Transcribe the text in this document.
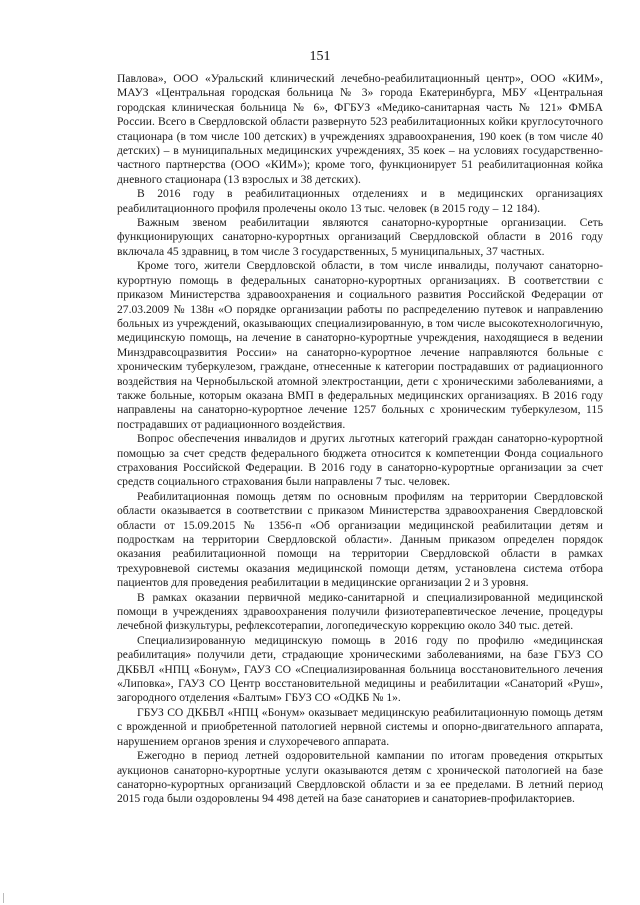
151

Павлова», ООО «Уральский клинический лечебно-реабилитационный центр», ООО «КИМ», МАУЗ «Центральная городская больница № 3» города Екатеринбурга, МБУ «Центральная городская клиническая больница № 6», ФГБУЗ «Медико-санитарная часть № 121» ФМБА России. Всего в Свердловской области развернуто 523 реабилитационных койки круглосуточного стационара (в том числе 100 детских) в учреждениях здравоохранения, 190 коек (в том числе 40 детских) – в муниципальных медицинских учреждениях, 35 коек – на условиях государственно-частного партнерства (ООО «КИМ»); кроме того, функционирует 51 реабилитационная койка дневного стационара (13 взрослых и 38 детских).

В 2016 году в реабилитационных отделениях и в медицинских организациях реабилитационного профиля пролечены около 13 тыс. человек (в 2015 году – 12 184).

Важным звеном реабилитации являются санаторно-курортные организации. Сеть функционирующих санаторно-курортных организаций Свердловской области в 2016 году включала 45 здравниц, в том числе 3 государственных, 5 муниципальных, 37 частных.

Кроме того, жители Свердловской области, в том числе инвалиды, получают санаторно-курортную помощь в федеральных санаторно-курортных организациях. В соответствии с приказом Министерства здравоохранения и социального развития Российской Федерации от 27.03.2009 № 138н «О порядке организации работы по распределению путевок и направлению больных из учреждений, оказывающих специализированную, в том числе высокотехнологичную, медицинскую помощь, на лечение в санаторно-курортные учреждения, находящиеся в ведении Минздравсоцразвития России» на санаторно-курортное лечение направляются больные с хроническим туберкулезом, граждане, отнесенные к категории пострадавших от радиационного воздействия на Чернобыльской атомной электростанции, дети с хроническими заболеваниями, а также больные, которым оказана ВМП в федеральных медицинских организациях. В 2016 году направлены на санаторно-курортное лечение 1257 больных с хроническим туберкулезом, 115 пострадавших от радиационного воздействия.

Вопрос обеспечения инвалидов и других льготных категорий граждан санаторно-курортной помощью за счет средств федерального бюджета относится к компетенции Фонда социального страхования Российской Федерации. В 2016 году в санаторно-курортные организации за счет средств социального страхования были направлены 7 тыс. человек.

Реабилитационная помощь детям по основным профилям на территории Свердловской области оказывается в соответствии с приказом Министерства здравоохранения Свердловской области от 15.09.2015 № 1356-п «Об организации медицинской реабилитации детям и подросткам на территории Свердловской области». Данным приказом определен порядок оказания реабилитационной помощи на территории Свердловской области в рамках трехуровневой системы оказания медицинской помощи детям, установлена система отбора пациентов для проведения реабилитации в медицинские организации 2 и 3 уровня.

В рамках оказании первичной медико-санитарной и специализированной медицинской помощи в учреждениях здравоохранения получили физиотерапевтическое лечение, процедуры лечебной физкультуры, рефлексотерапии, логопедическую коррекцию около 340 тыс. детей.

Специализированную медицинскую помощь в 2016 году по профилю «медицинская реабилитация» получили дети, страдающие хроническими заболеваниями, на базе ГБУЗ СО ДКБВЛ «НПЦ «Бонум», ГАУЗ СО «Специализированная больница восстановительного лечения «Липовка», ГАУЗ СО Центр восстановительной медицины и реабилитации «Санаторий «Руш», загородного отделения «Балтым» ГБУЗ СО «ОДКБ № 1».

ГБУЗ СО ДКБВЛ «НПЦ «Бонум» оказывает медицинскую реабилитационную помощь детям с врожденной и приобретенной патологией нервной системы и опорно-двигательного аппарата, нарушением органов зрения и слухоречевого аппарата.

Ежегодно в период летней оздоровительной кампании по итогам проведения открытых аукционов санаторно-курортные услуги оказываются детям с хронической патологией на базе санаторно-курортных организаций Свердловской области и за ее пределами. В летний период 2015 года были оздоровлены 94 498 детей на базе санаториев и санаториев-профилакториев.
